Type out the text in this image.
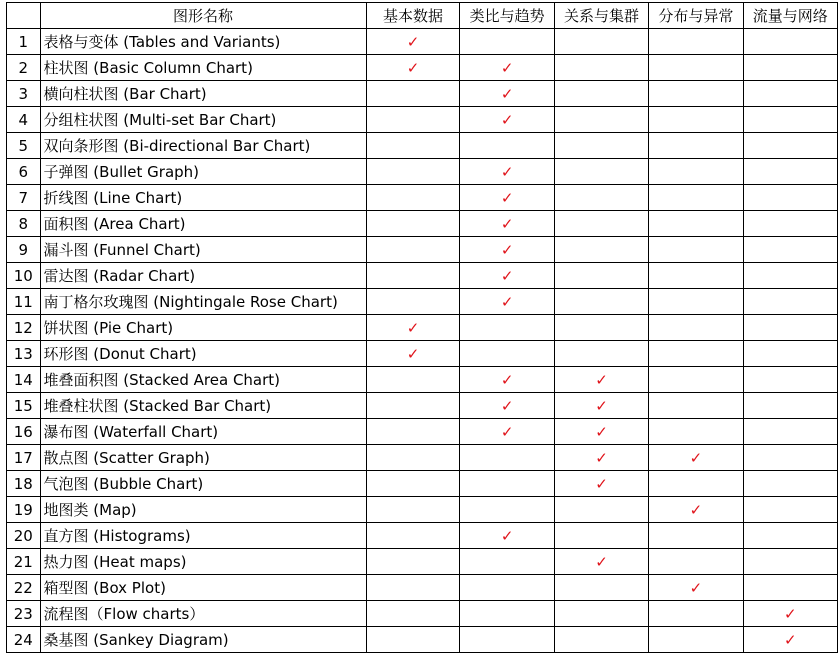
	图形名称	基本数据	类比与趋势	关系与集群	分布与异常	流量与网络
1	表格与变体 (Tables and Variants)	✓				
2	柱状图 (Basic Column Chart)	✓	✓			
3	横向柱状图 (Bar Chart)		✓			
4	分组柱状图 (Multi-set Bar Chart)		✓			
5	双向条形图 (Bi-directional Bar Chart)					
6	子弹图 (Bullet Graph)		✓			
7	折线图 (Line Chart)		✓			
8	面积图 (Area Chart)		✓			
9	漏斗图 (Funnel Chart)		✓			
10	雷达图 (Radar Chart)		✓			
11	南丁格尔玫瑰图 (Nightingale Rose Chart)		✓			
12	饼状图 (Pie Chart)	✓				
13	环形图 (Donut Chart)	✓				
14	堆叠面积图 (Stacked Area Chart)		✓	✓		
15	堆叠柱状图 (Stacked Bar Chart)		✓	✓		
16	瀑布图 (Waterfall Chart)		✓	✓		
17	散点图 (Scatter Graph)			✓	✓	
18	气泡图 (Bubble Chart)			✓		
19	地图类 (Map)				✓	
20	直方图 (Histograms)		✓			
21	热力图 (Heat maps)			✓		
22	箱型图 (Box Plot)				✓	
23	流程图（Flow charts）					✓
24	桑基图 (Sankey Diagram)					✓
